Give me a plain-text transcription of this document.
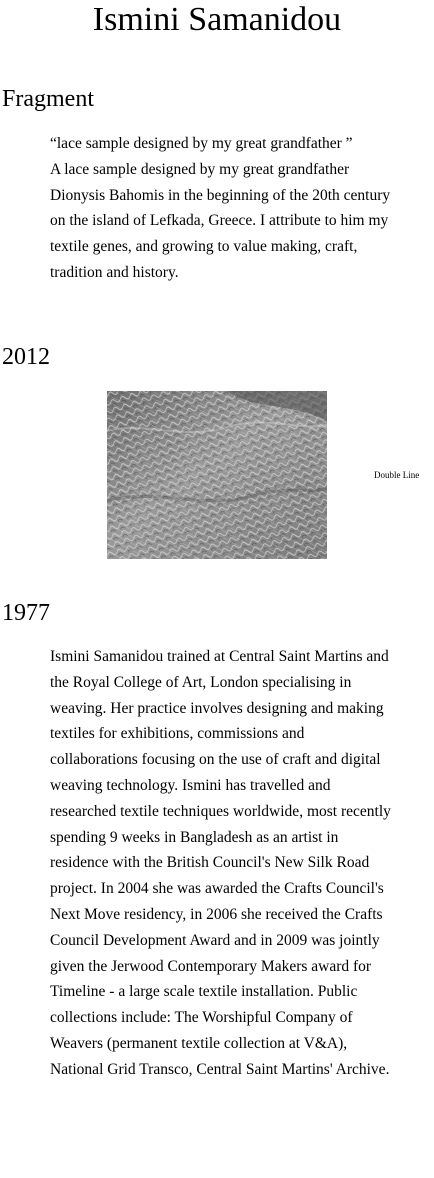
Ismini Samanidou
Fragment

“lace sample designed by my great grandfather ”

A lace sample designed by my great grandfather Dionysis Bahomis in the beginning of the 20th century on the island of Lefkada, Greece. I attribute to him my textile genes, and growing to value making, craft, tradition and history.

2012
Double Line
1977

Ismini Samanidou trained at Central Saint Martins and the Royal College of Art, London specialising in weaving. Her practice involves designing and making textiles for exhibitions, commissions and collaborations focusing on the use of craft and digital weaving technology. Ismini has travelled and researched textile techniques worldwide, most recently spending 9 weeks in Bangladesh as an artist in residence with the British Council's New Silk Road project. In 2004 she was awarded the Crafts Council's Next Move residency, in 2006 she received the Crafts Council Development Award and in 2009 was jointly given the Jerwood Contemporary Makers award for Timeline - a large scale textile installation. Public collections include: The Worshipful Company of Weavers (permanent textile collection at V&A), National Grid Transco, Central Saint Martins' Archive.
